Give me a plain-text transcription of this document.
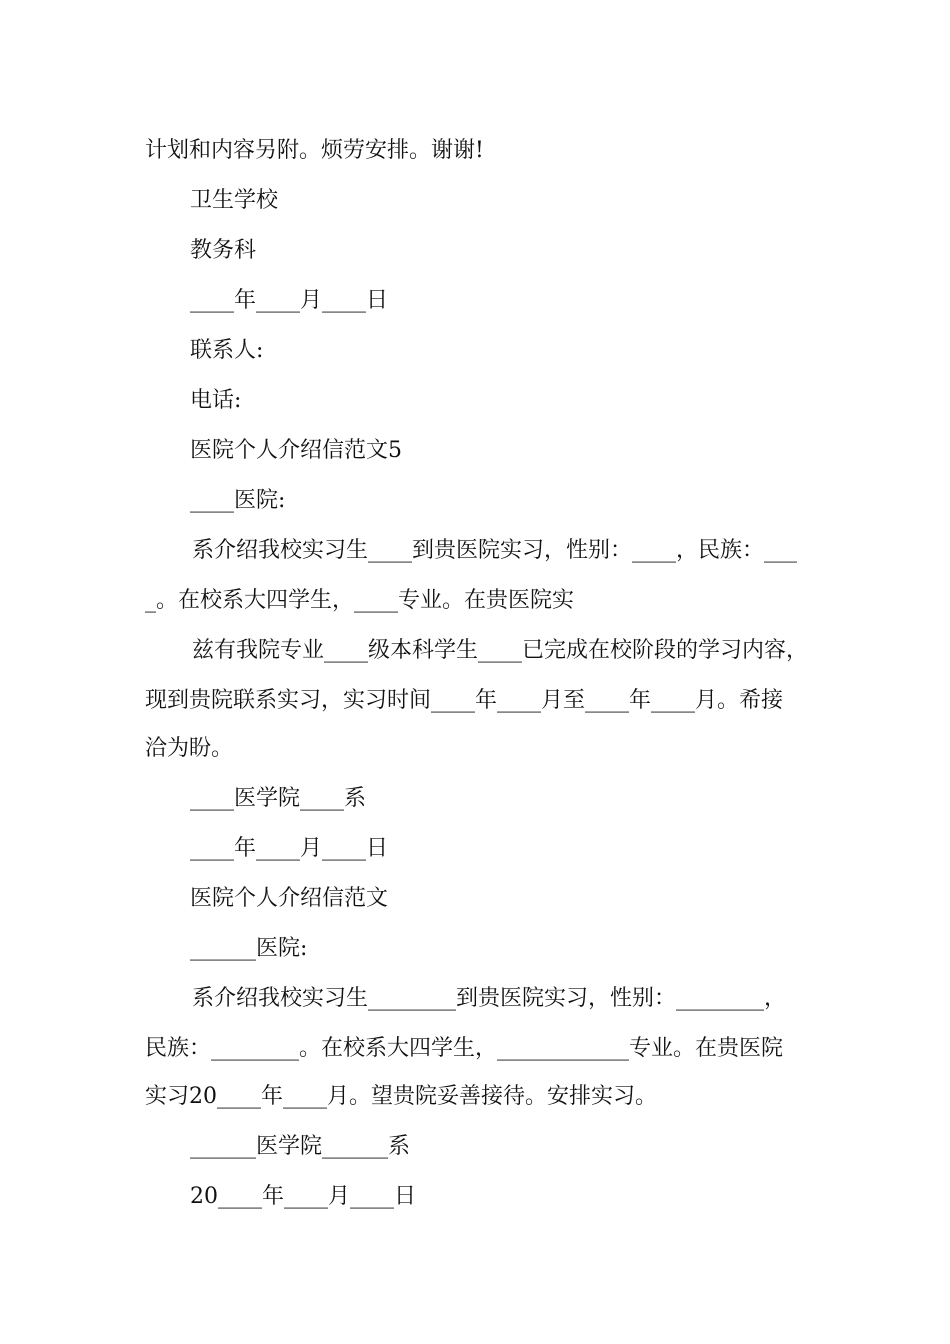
计划和内容另附。烦劳安排。谢谢!
卫生学校
教务科
____年____月____日
联系人:
电话:
医院个人介绍信范文5
____医院:
系介绍我校实习生____到贵医院实习，性别：____，民族：___
_。在校系大四学生，____专业。在贵医院实
兹有我院专业____级本科学生____已完成在校阶段的学习内容，
现到贵院联系实习，实习时间____年____月至____年____月。希接
洽为盼。
____医学院____系
____年____月____日
医院个人介绍信范文
______医院:
系介绍我校实习生________到贵医院实习，性别：________，
民族：________。在校系大四学生，____________专业。在贵医院
实习20____年____月。望贵院妥善接待。安排实习。
______医学院______系
20____年____月____日
